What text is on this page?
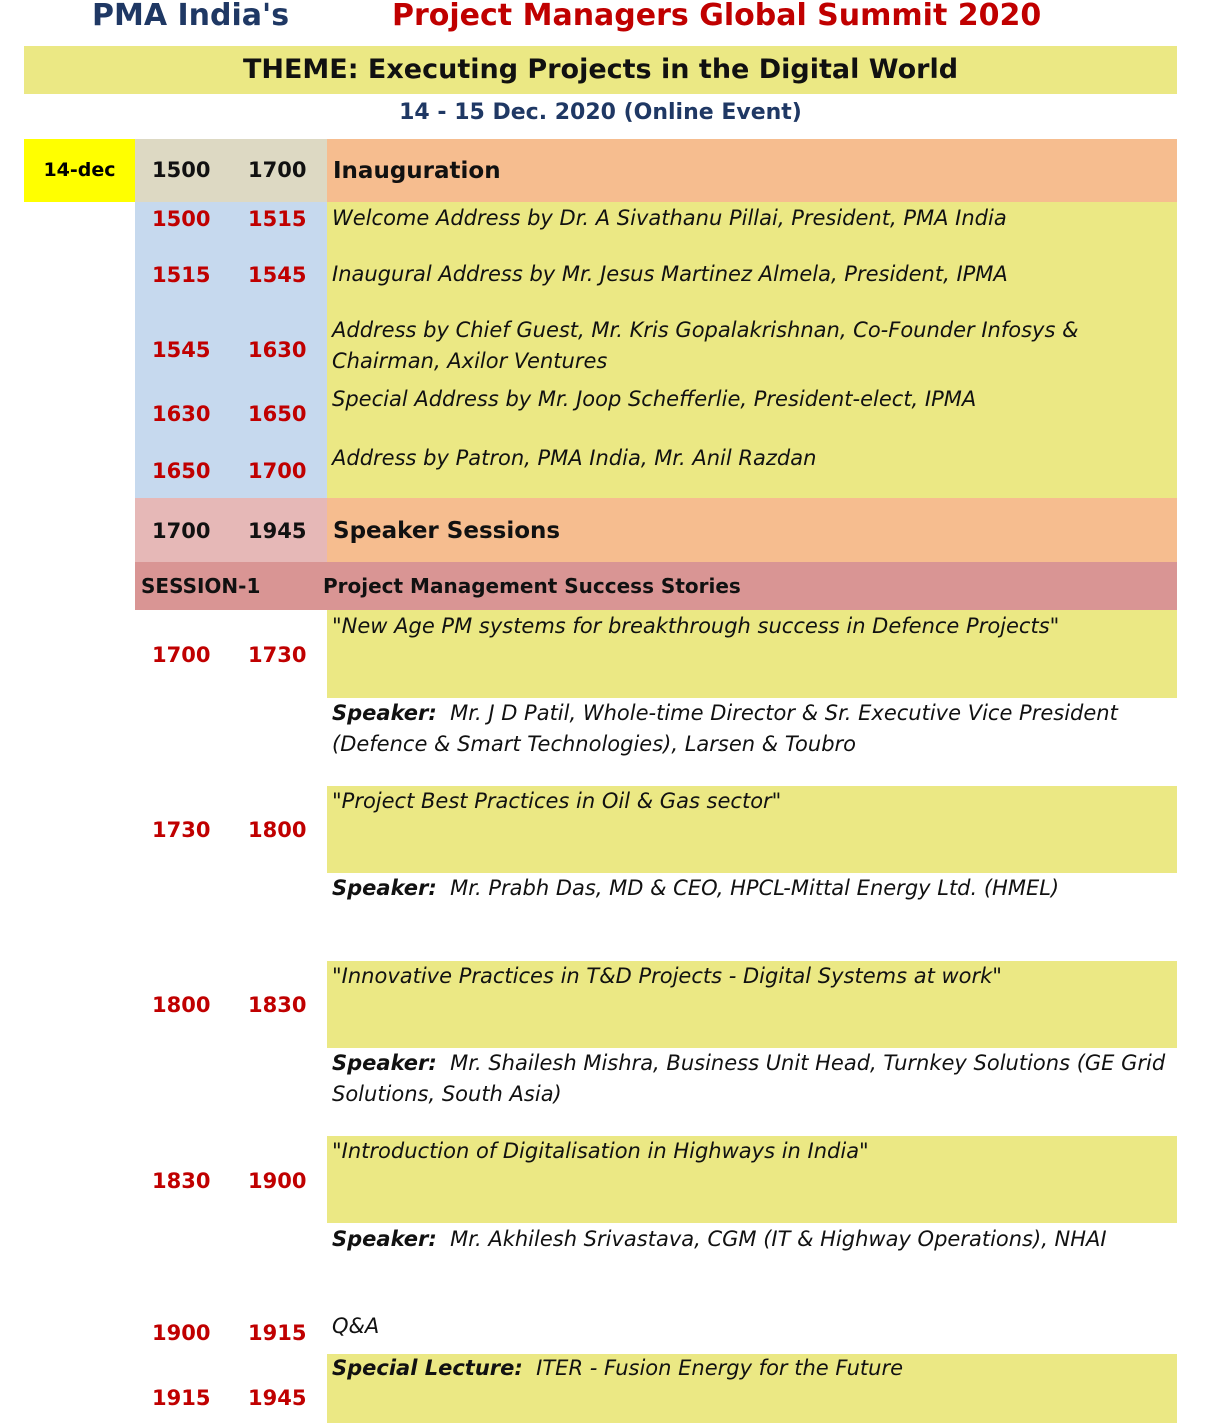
PMA India's	Project Managers Global Summit 2020
THEME: Executing Projects in the Digital World
14 - 15 Dec. 2020 (Online Event)
14-dec	1500 1700 Inauguration
1500 1515 Welcome Address by Dr. A Sivathanu Pillai, President, PMA India
1515 1545 Inaugural Address by Mr. Jesus Martinez Almela, President, IPMA
1545 1630
Address by Chief Guest, Mr. Kris Gopalakrishnan, Co-Founder Infosys & Chairman, Axilor Ventures
1630 1650
Special Address by Mr. Joop Schefferlie, President-elect, IPMA
1650 1700
Address by Patron, PMA India, Mr. Anil Razdan
1700 1945 Speaker Sessions
SESSION-1	Project Management Success Stories
1700 1730
"New Age PM systems for breakthrough success in Defence Projects"
Speaker: Mr. J D Patil, Whole-time Director & Sr. Executive Vice President (Defence & Smart Technologies), Larsen & Toubro
1730 1800
"Project Best Practices in Oil & Gas sector"
Speaker: Mr. Prabh Das, MD & CEO, HPCL-Mittal Energy Ltd. (HMEL)
1800 1830
"Innovative Practices in T&D Projects - Digital Systems at work"
Speaker: Mr. Shailesh Mishra, Business Unit Head, Turnkey Solutions (GE Grid Solutions, South Asia)
1830 1900
"Introduction of Digitalisation in Highways in India"
Speaker: Mr. Akhilesh Srivastava, CGM (IT & Highway Operations), NHAI
1900 1915 Q&A
1915 1945
Special Lecture: ITER - Fusion Energy for the Future
